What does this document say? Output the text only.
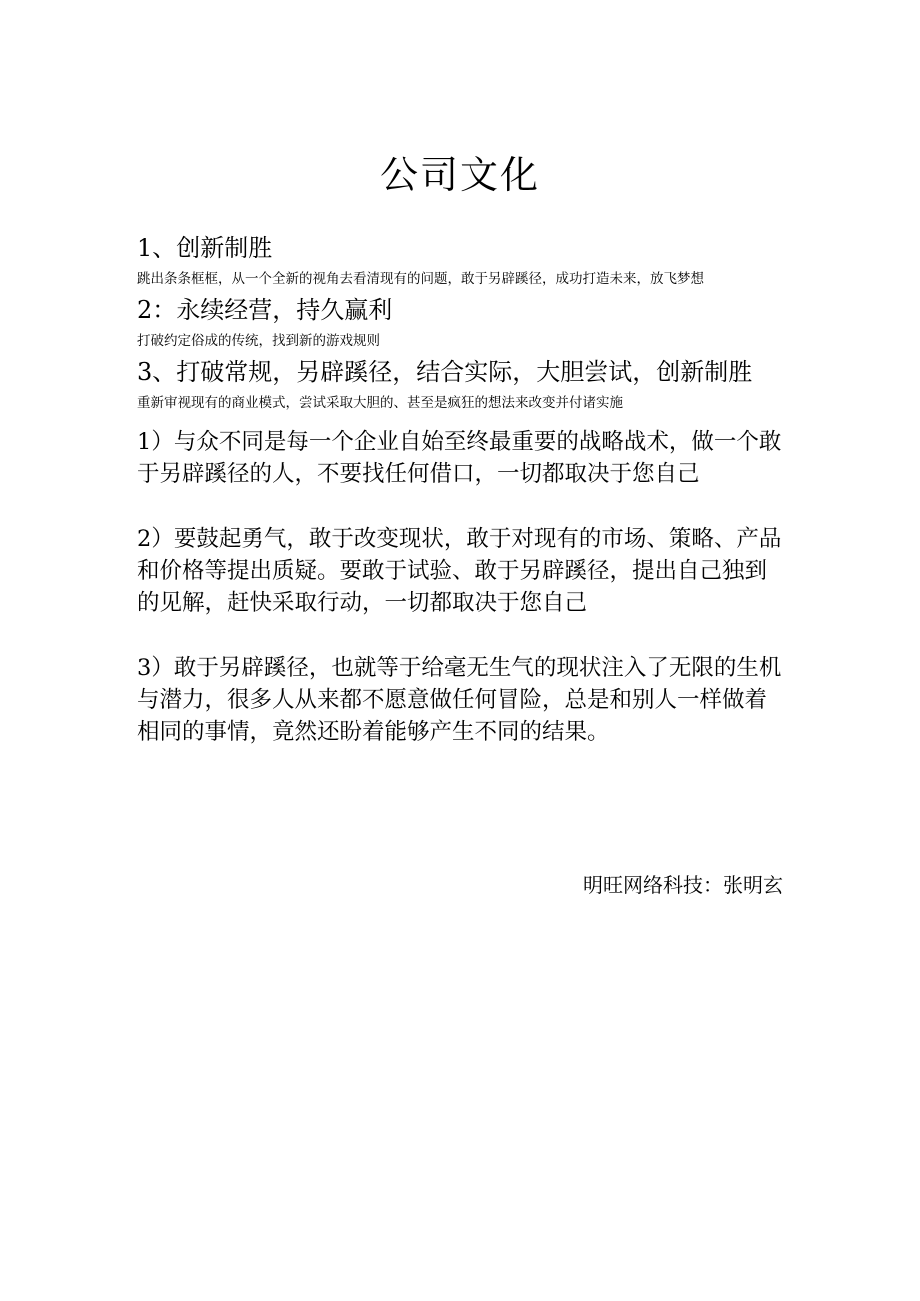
公司文化
1、创新制胜
跳出条条框框，从一个全新的视角去看清现有的问题，敢于另辟蹊径，成功打造未来，放飞梦想
2：永续经营，持久赢利
打破约定俗成的传统，找到新的游戏规则
3、打破常规，另辟蹊径，结合实际，大胆尝试，创新制胜
重新审视现有的商业模式，尝试采取大胆的、甚至是疯狂的想法来改变并付诸实施

1）与众不同是每一个企业自始至终最重要的战略战术，做一个敢于另辟蹊径的人，不要找任何借口，一切都取决于您自己

2）要鼓起勇气，敢于改变现状，敢于对现有的市场、策略、产品和价格等提出质疑。要敢于试验、敢于另辟蹊径，提出自己独到的见解，赶快采取行动，一切都取决于您自己

3）敢于另辟蹊径，也就等于给毫无生气的现状注入了无限的生机与潜力，很多人从来都不愿意做任何冒险，总是和别人一样做着相同的事情，竟然还盼着能够产生不同的结果。

明旺网络科技：张明玄
